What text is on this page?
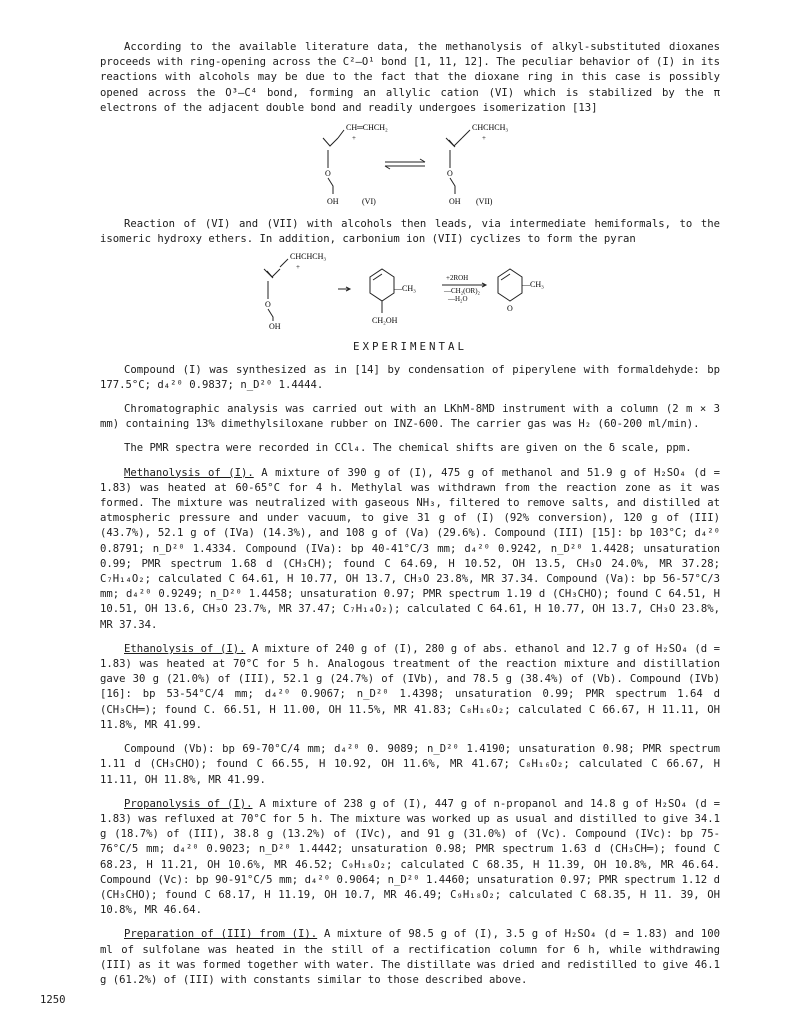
According to the available literature data, the methanolysis of alkyl-substituted dioxanes proceeds with ring-opening across the C²—O¹ bond [1, 11, 12]. The peculiar behavior of (I) in its reactions with alcohols may be due to the fact that the dioxane ring in this case is possibly opened across the O³—C⁴ bond, forming an allylic cation (VI) which is stabilized by the π electrons of the adjacent double bond and readily undergoes isomerization [13]

CH═CHCH₂
+
O
OH	(VI)
CHCHCH₃
+
O
OH (VII)

Reaction of (VI) and (VII) with alcohols then leads, via intermediate hemiformals, to the isomeric hydroxy ethers. In addition, carbonium ion (VII) cyclizes to form the pyran

CHCHCH₃
+
O
OH
—CH₃
CH₂OH
+2ROH
—CH₂(OR)₂
—H₂O
—CH₃
O

EXPERIMENTAL

Compound (I) was synthesized as in [14] by condensation of piperylene with formaldehyde: bp 177.5°C; d₄²⁰ 0.9837; n_D²⁰ 1.4444.

Chromatographic analysis was carried out with an LKhM-8MD instrument with a column (2 m × 3 mm) containing 13% dimethylsiloxane rubber on INZ-600. The carrier gas was H₂ (60-200 ml/min).

The PMR spectra were recorded in CCl₄. The chemical shifts are given on the δ scale, ppm.

Methanolysis of (I). A mixture of 390 g of (I), 475 g of methanol and 51.9 g of H₂SO₄ (d = 1.83) was heated at 60-65°C for 4 h. Methylal was withdrawn from the reaction zone as it was formed. The mixture was neutralized with gaseous NH₃, filtered to remove salts, and distilled at atmospheric pressure and under vacuum, to give 31 g of (I) (92% conversion), 120 g of (III) (43.7%), 52.1 g of (IVa) (14.3%), and 108 g of (Va) (29.6%). Compound (III) [15]: bp 103°C; d₄²⁰ 0.8791; n_D²⁰ 1.4334. Compound (IVa): bp 40-41°C/3 mm; d₄²⁰ 0.9242, n_D²⁰ 1.4428; unsaturation 0.99; PMR spectrum 1.68 d (CH₃CH); found C 64.69, H 10.52, OH 13.5, CH₃O 24.0%, MR 37.28; C₇H₁₄O₂; calculated C 64.61, H 10.77, OH 13.7, CH₃O 23.8%, MR 37.34. Compound (Va): bp 56-57°C/3 mm; d₄²⁰ 0.9249; n_D²⁰ 1.4458; unsaturation 0.97; PMR spectrum 1.19 d (CH₃CHO); found C 64.51, H 10.51, OH 13.6, CH₃O 23.7%, MR 37.47; C₇H₁₄O₂); calculated C 64.61, H 10.77, OH 13.7, CH₃O 23.8%, MR 37.34.

Ethanolysis of (I). A mixture of 240 g of (I), 280 g of abs. ethanol and 12.7 g of H₂SO₄ (d = 1.83) was heated at 70°C for 5 h. Analogous treatment of the reaction mixture and distillation gave 30 g (21.0%) of (III), 52.1 g (24.7%) of (IVb), and 78.5 g (38.4%) of (Vb). Compound (IVb) [16]: bp 53-54°C/4 mm; d₄²⁰ 0.9067; n_D²⁰ 1.4398; unsaturation 0.99; PMR spectrum 1.64 d (CH₃CH═); found C. 66.51, H 11.00, OH 11.5%, MR 41.83; C₈H₁₆O₂; calculated C 66.67, H 11.11, OH 11.8%, MR 41.99.

Compound (Vb): bp 69-70°C/4 mm; d₄²⁰ 0. 9089; n_D²⁰ 1.4190; unsaturation 0.98; PMR spectrum 1.11 d (CH₃CHO); found C 66.55, H 10.92, OH 11.6%, MR 41.67; C₈H₁₆O₂; calculated C 66.67, H 11.11, OH 11.8%, MR 41.99.

Propanolysis of (I). A mixture of 238 g of (I), 447 g of n-propanol and 14.8 g of H₂SO₄ (d = 1.83) was refluxed at 70°C for 5 h. The mixture was worked up as usual and distilled to give 34.1 g (18.7%) of (III), 38.8 g (13.2%) of (IVc), and 91 g (31.0%) of (Vc). Compound (IVc): bp 75-76°C/5 mm; d₄²⁰ 0.9023; n_D²⁰ 1.4442; unsaturation 0.98; PMR spectrum 1.63 d (CH₃CH═); found C 68.23, H 11.21, OH 10.6%, MR 46.52; C₉H₁₈O₂; calculated C 68.35, H 11.39, OH 10.8%, MR 46.64. Compound (Vc): bp 90-91°C/5 mm; d₄²⁰ 0.9064; n_D²⁰ 1.4460; unsaturation 0.97; PMR spectrum 1.12 d (CH₃CHO); found C 68.17, H 11.19, OH 10.7, MR 46.49; C₉H₁₈O₂; calculated C 68.35, H 11. 39, OH 10.8%, MR 46.64.

Preparation of (III) from (I). A mixture of 98.5 g of (I), 3.5 g of H₂SO₄ (d = 1.83) and 100 ml of sulfolane was heated in the still of a rectification column for 6 h, while withdrawing (III) as it was formed together with water. The distillate was dried and redistilled to give 46.1 g (61.2%) of (III) with constants similar to those described above.

1250
